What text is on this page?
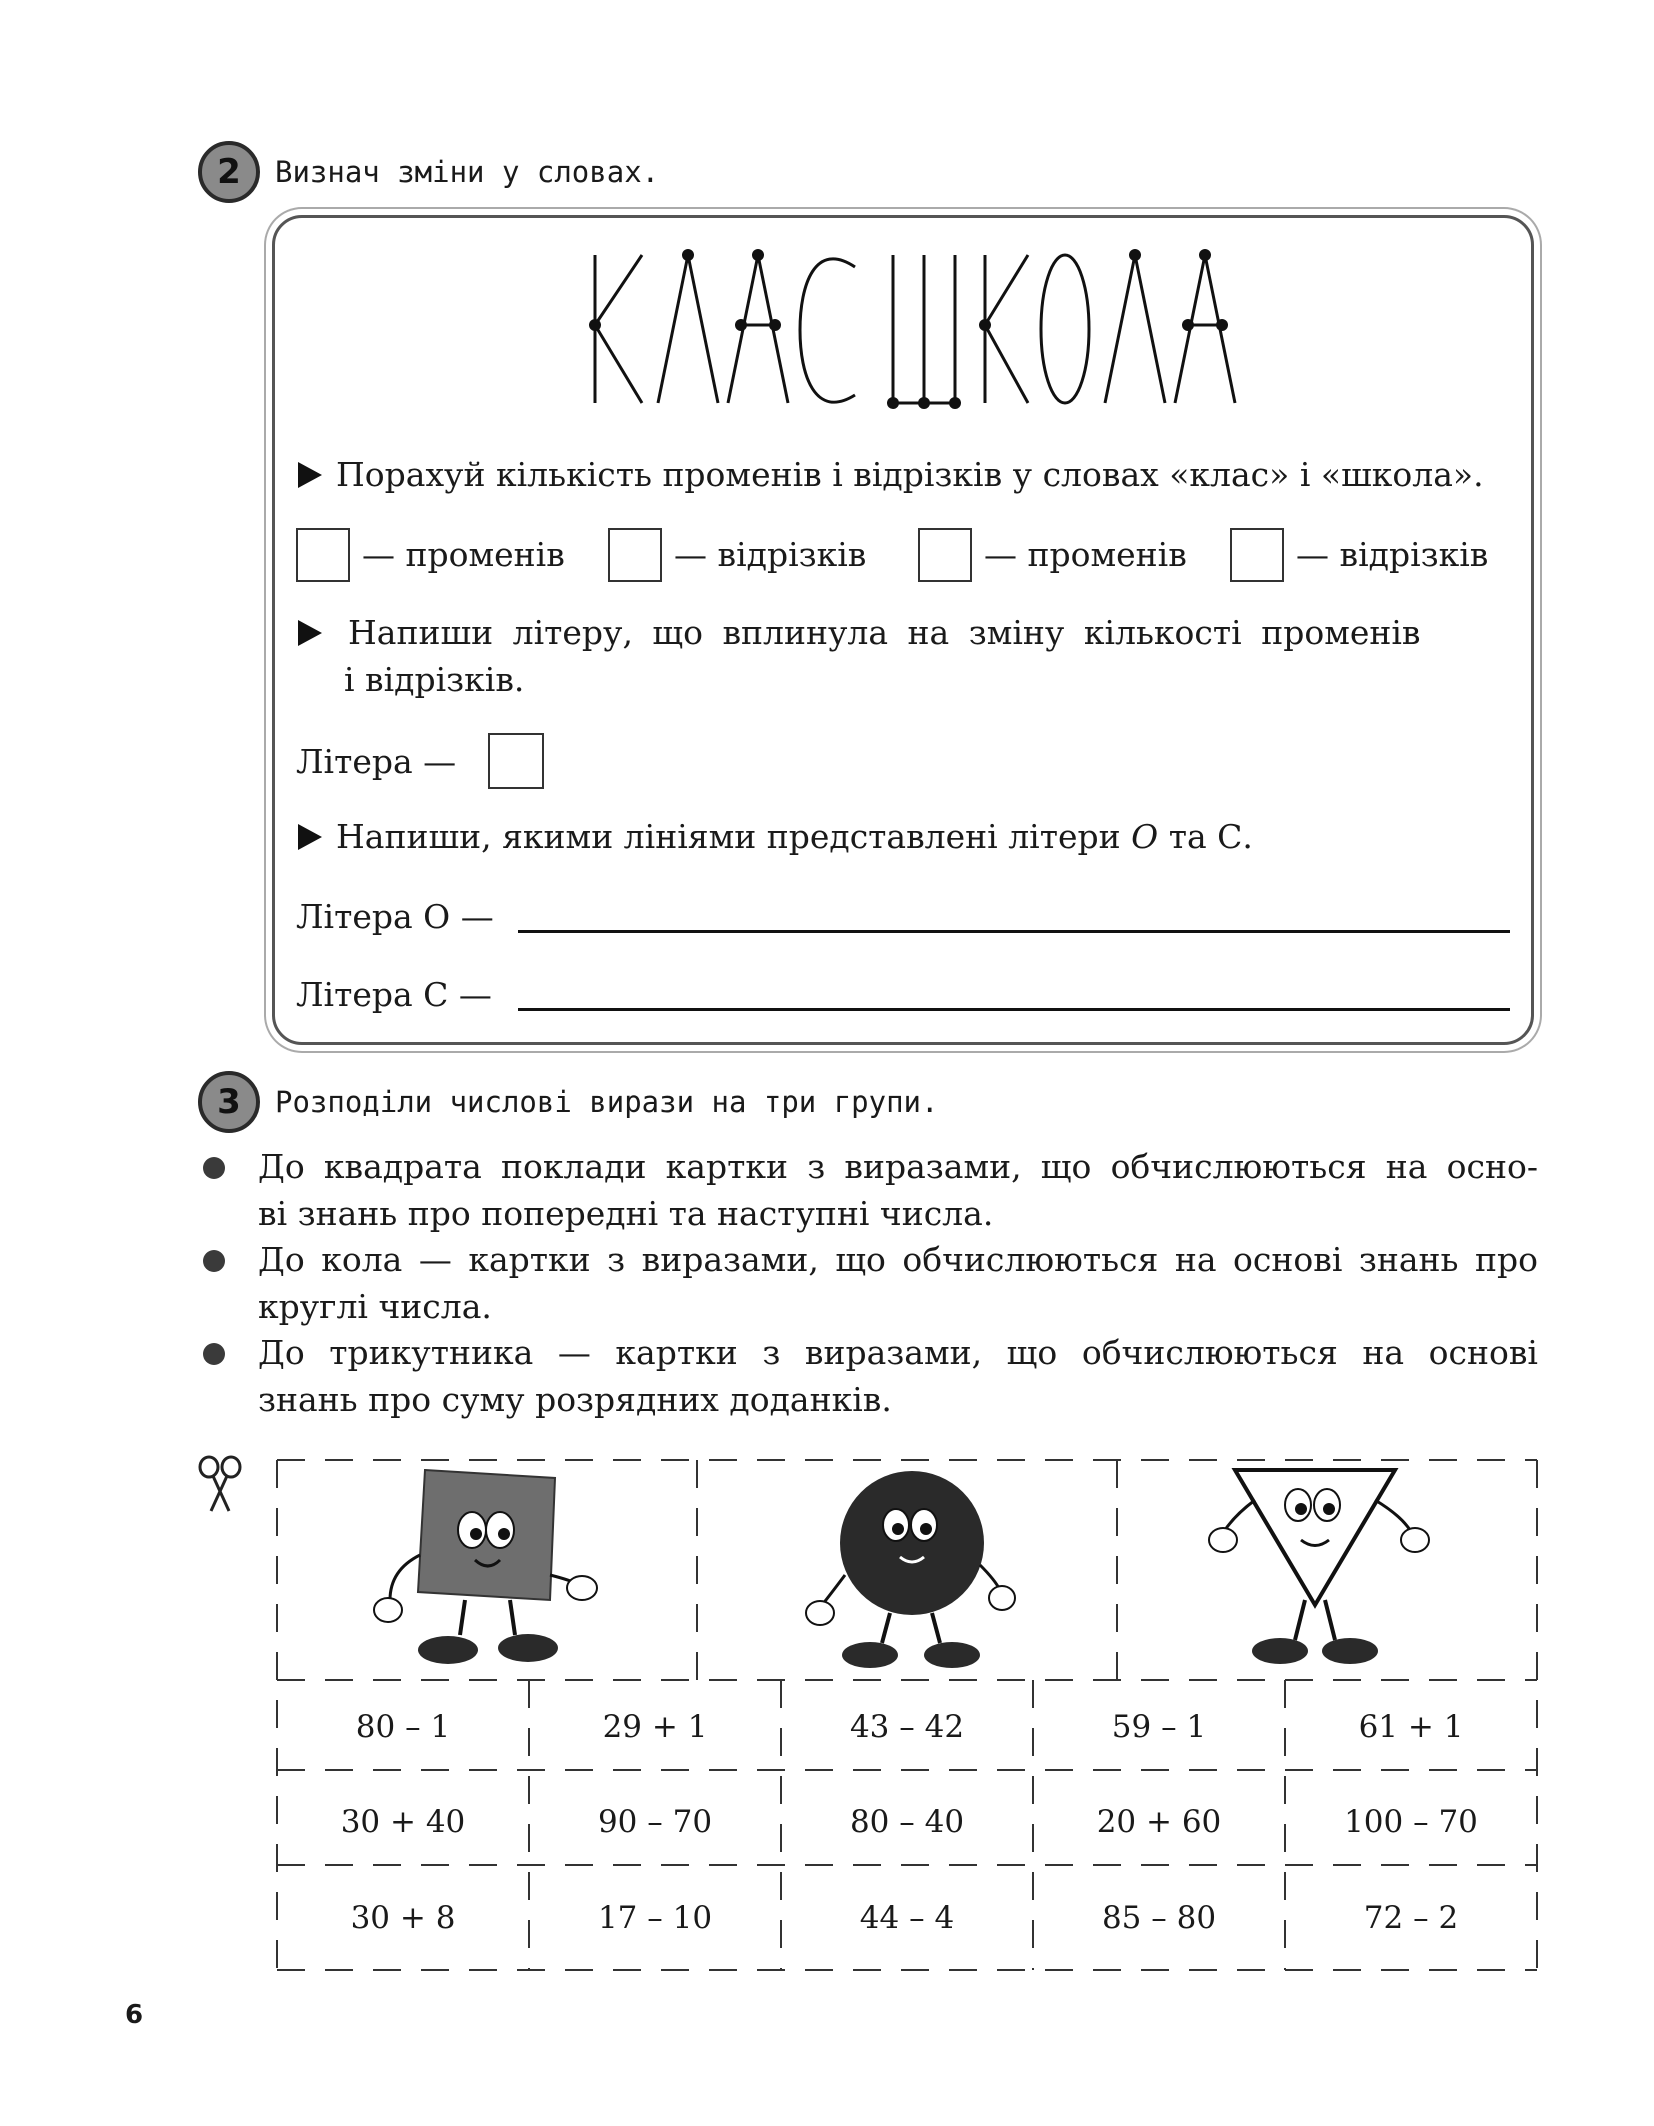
2	Визнач зміни у словах.
Порахуй кількість променів і відрізків у словах «клас» і «школа».
— променів	— відрізків	— променів	— відрізків
Напиши літеру, що вплинула на зміну кількості променів
і відрізків.
Літера —
Напиши, якими лініями представлені літери О та С.
Літера О —
Літера С —
3	Розподіли числові вирази на три групи.
До квадрата поклади картки з виразами, що обчислюються на осно-
ві знань про попередні та наступні числа.
До кола — картки з виразами, що обчислюються на основі знань про
круглі числа.
До трикутника — картки з виразами, що обчислюються на основі
знань про суму розрядних доданків.
80 – 1	29 + 1	43 – 42	59 – 1	61 + 1
30 + 40	90 – 70	80 – 40	20 + 60	100 – 70
30 + 8	17 – 10	44 – 4	85 – 80	72 – 2
6
